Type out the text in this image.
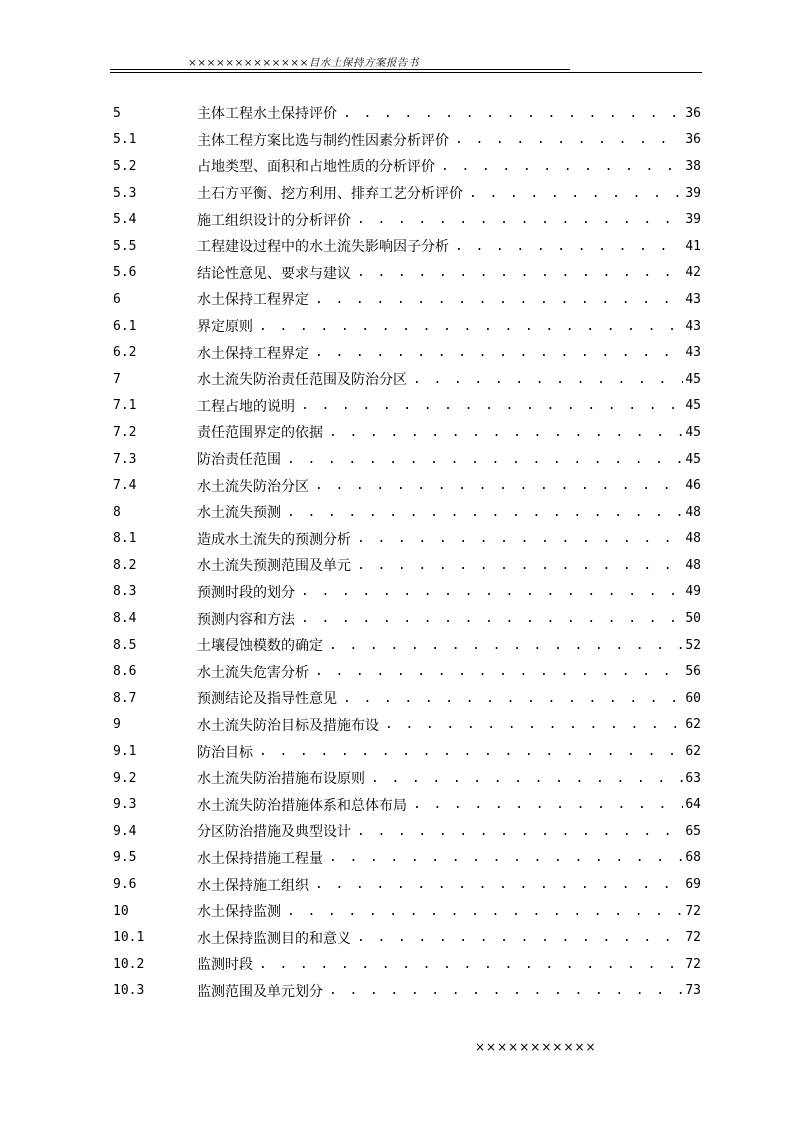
×××××××××××××目水土保持方案报告书
5	主体工程水土保持评价 . . .	36
5.1	主体工程方案比选与制约性因素分析评价 . . .	36
5.2	占地类型、面积和占地性质的分析评价 . . .	38
5.3	土石方平衡、挖方利用、排弃工艺分析评价 . . .	39
5.4	施工组织设计的分析评价 . . .	39
5.5	工程建设过程中的水土流失影响因子分析 . . .	41
5.6	结论性意见、要求与建议 . . .	42
6	水土保持工程界定 . . .	43
6.1	界定原则 . . .	43
6.2	水土保持工程界定 . . .	43
7	水土流失防治责任范围及防治分区 . . .	45
7.1	工程占地的说明 . . .	45
7.2	责任范围界定的依据 . . .	45
7.3	防治责任范围 . . .	45
7.4	水土流失防治分区 . . .	46
8	水土流失预测 . . .	48
8.1	造成水土流失的预测分析 . . .	48
8.2	水土流失预测范围及单元 . . .	48
8.3	预测时段的划分 . . .	49
8.4	预测内容和方法 . . .	50
8.5	土壤侵蚀模数的确定 . . .	52
8.6	水土流失危害分析 . . .	56
8.7	预测结论及指导性意见 . . .	60
9	水土流失防治目标及措施布设 . . .	62
9.1	防治目标 . . .	62
9.2	水土流失防治措施布设原则 . . .	63
9.3	水土流失防治措施体系和总体布局 . . .	64
9.4	分区防治措施及典型设计 . . .	65
9.5	水土保持措施工程量 . . .	68
9.6	水土保持施工组织 . . .	69
10	水土保持监测 . . .	72
10.1	水土保持监测目的和意义 . . .	72
10.2	监测时段 . . .	72
10.3	监测范围及单元划分 . . .	73
×××××××××××
